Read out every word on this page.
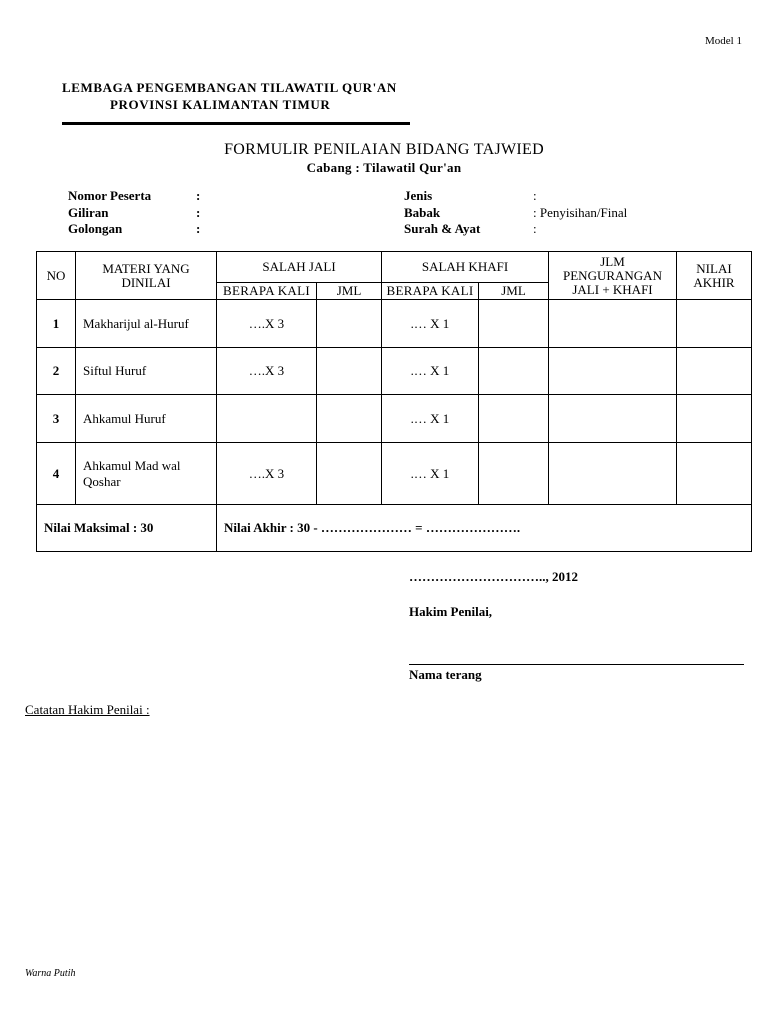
Model 1
LEMBAGA PENGEMBANGAN TILAWATIL QUR'AN
PROVINSI KALIMANTAN TIMUR
FORMULIR PENILAIAN BIDANG TAJWIED
Cabang : Tilawatil Qur'an
Nomor Peserta	:
Giliran	:
Golongan	:
Jenis	:
Babak	: Penyisihan/Final
Surah & Ayat	:
NO	MATERI YANG DINILAI	SALAH JALI		SALAH KHAFI		JLM PENGURANGAN JALI + KHAFI	NILAI AKHIR
		BERAPA KALI	JML	BERAPA KALI	JML		
1	Makharijul al-Huruf	….X 3		.… X 1			
2	Siftul Huruf	….X 3		.… X 1			
3	Ahkamul Huruf			.… X 1			
4	Ahkamul Mad wal Qoshar	….X 3		.… X 1			
Nilai Maksimal : 30		Nilai Akhir : 30 - ………………… = ………………….					
………………………….., 2012
Hakim Penilai,
Nama terang
Catatan Hakim Penilai :
Warna Putih
